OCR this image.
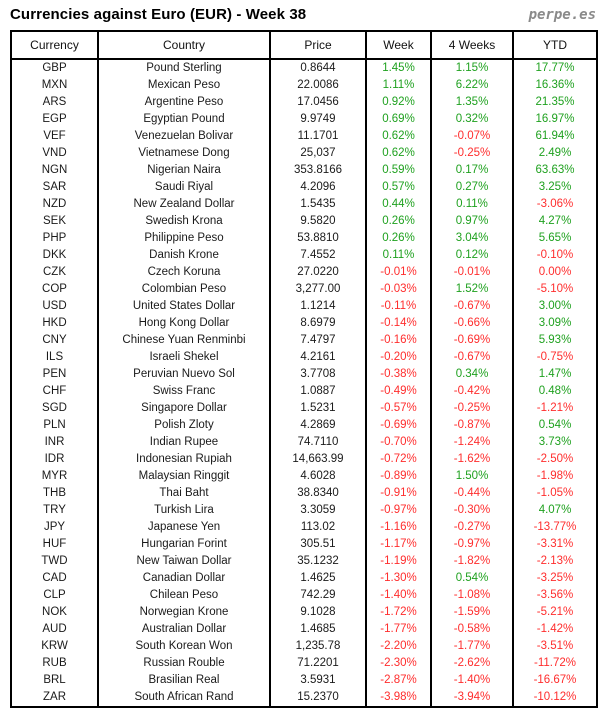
Currencies against Euro (EUR) - Week 38	perpe.es
Currency	Country	Price	Week	4 Weeks	YTD
GBP	Pound Sterling	0.8644	1.45%	1.15%	17.77%
MXN	Mexican Peso	22.0086	1.11%	6.22%	16.36%
ARS	Argentine Peso	17.0456	0.92%	1.35%	21.35%
EGP	Egyptian Pound	9.9749	0.69%	0.32%	16.97%
VEF	Venezuelan Bolivar	11.1701	0.62%	-0.07%	61.94%
VND	Vietnamese Dong	25,037	0.62%	-0.25%	2.49%
NGN	Nigerian Naira	353.8166	0.59%	0.17%	63.63%
SAR	Saudi Riyal	4.2096	0.57%	0.27%	3.25%
NZD	New Zealand Dollar	1.5435	0.44%	0.11%	-3.06%
SEK	Swedish Krona	9.5820	0.26%	0.97%	4.27%
PHP	Philippine Peso	53.8810	0.26%	3.04%	5.65%
DKK	Danish Krone	7.4552	0.11%	0.12%	-0.10%
CZK	Czech Koruna	27.0220	-0.01%	-0.01%	0.00%
COP	Colombian Peso	3,277.00	-0.03%	1.52%	-5.10%
USD	United States Dollar	1.1214	-0.11%	-0.67%	3.00%
HKD	Hong Kong Dollar	8.6979	-0.14%	-0.66%	3.09%
CNY	Chinese Yuan Renminbi	7.4797	-0.16%	-0.69%	5.93%
ILS	Israeli Shekel	4.2161	-0.20%	-0.67%	-0.75%
PEN	Peruvian Nuevo Sol	3.7708	-0.38%	0.34%	1.47%
CHF	Swiss Franc	1.0887	-0.49%	-0.42%	0.48%
SGD	Singapore Dollar	1.5231	-0.57%	-0.25%	-1.21%
PLN	Polish Zloty	4.2869	-0.69%	-0.87%	0.54%
INR	Indian Rupee	74.7110	-0.70%	-1.24%	3.73%
IDR	Indonesian Rupiah	14,663.99	-0.72%	-1.62%	-2.50%
MYR	Malaysian Ringgit	4.6028	-0.89%	1.50%	-1.98%
THB	Thai Baht	38.8340	-0.91%	-0.44%	-1.05%
TRY	Turkish Lira	3.3059	-0.97%	-0.30%	4.07%
JPY	Japanese Yen	113.02	-1.16%	-0.27%	-13.77%
HUF	Hungarian Forint	305.51	-1.17%	-0.97%	-3.31%
TWD	New Taiwan Dollar	35.1232	-1.19%	-1.82%	-2.13%
CAD	Canadian Dollar	1.4625	-1.30%	0.54%	-3.25%
CLP	Chilean Peso	742.29	-1.40%	-1.08%	-3.56%
NOK	Norwegian Krone	9.1028	-1.72%	-1.59%	-5.21%
AUD	Australian Dollar	1.4685	-1.77%	-0.58%	-1.42%
KRW	South Korean Won	1,235.78	-2.20%	-1.77%	-3.51%
RUB	Russian Rouble	71.2201	-2.30%	-2.62%	-11.72%
BRL	Brasilian Real	3.5931	-2.87%	-1.40%	-16.67%
ZAR	South African Rand	15.2370	-3.98%	-3.94%	-10.12%
